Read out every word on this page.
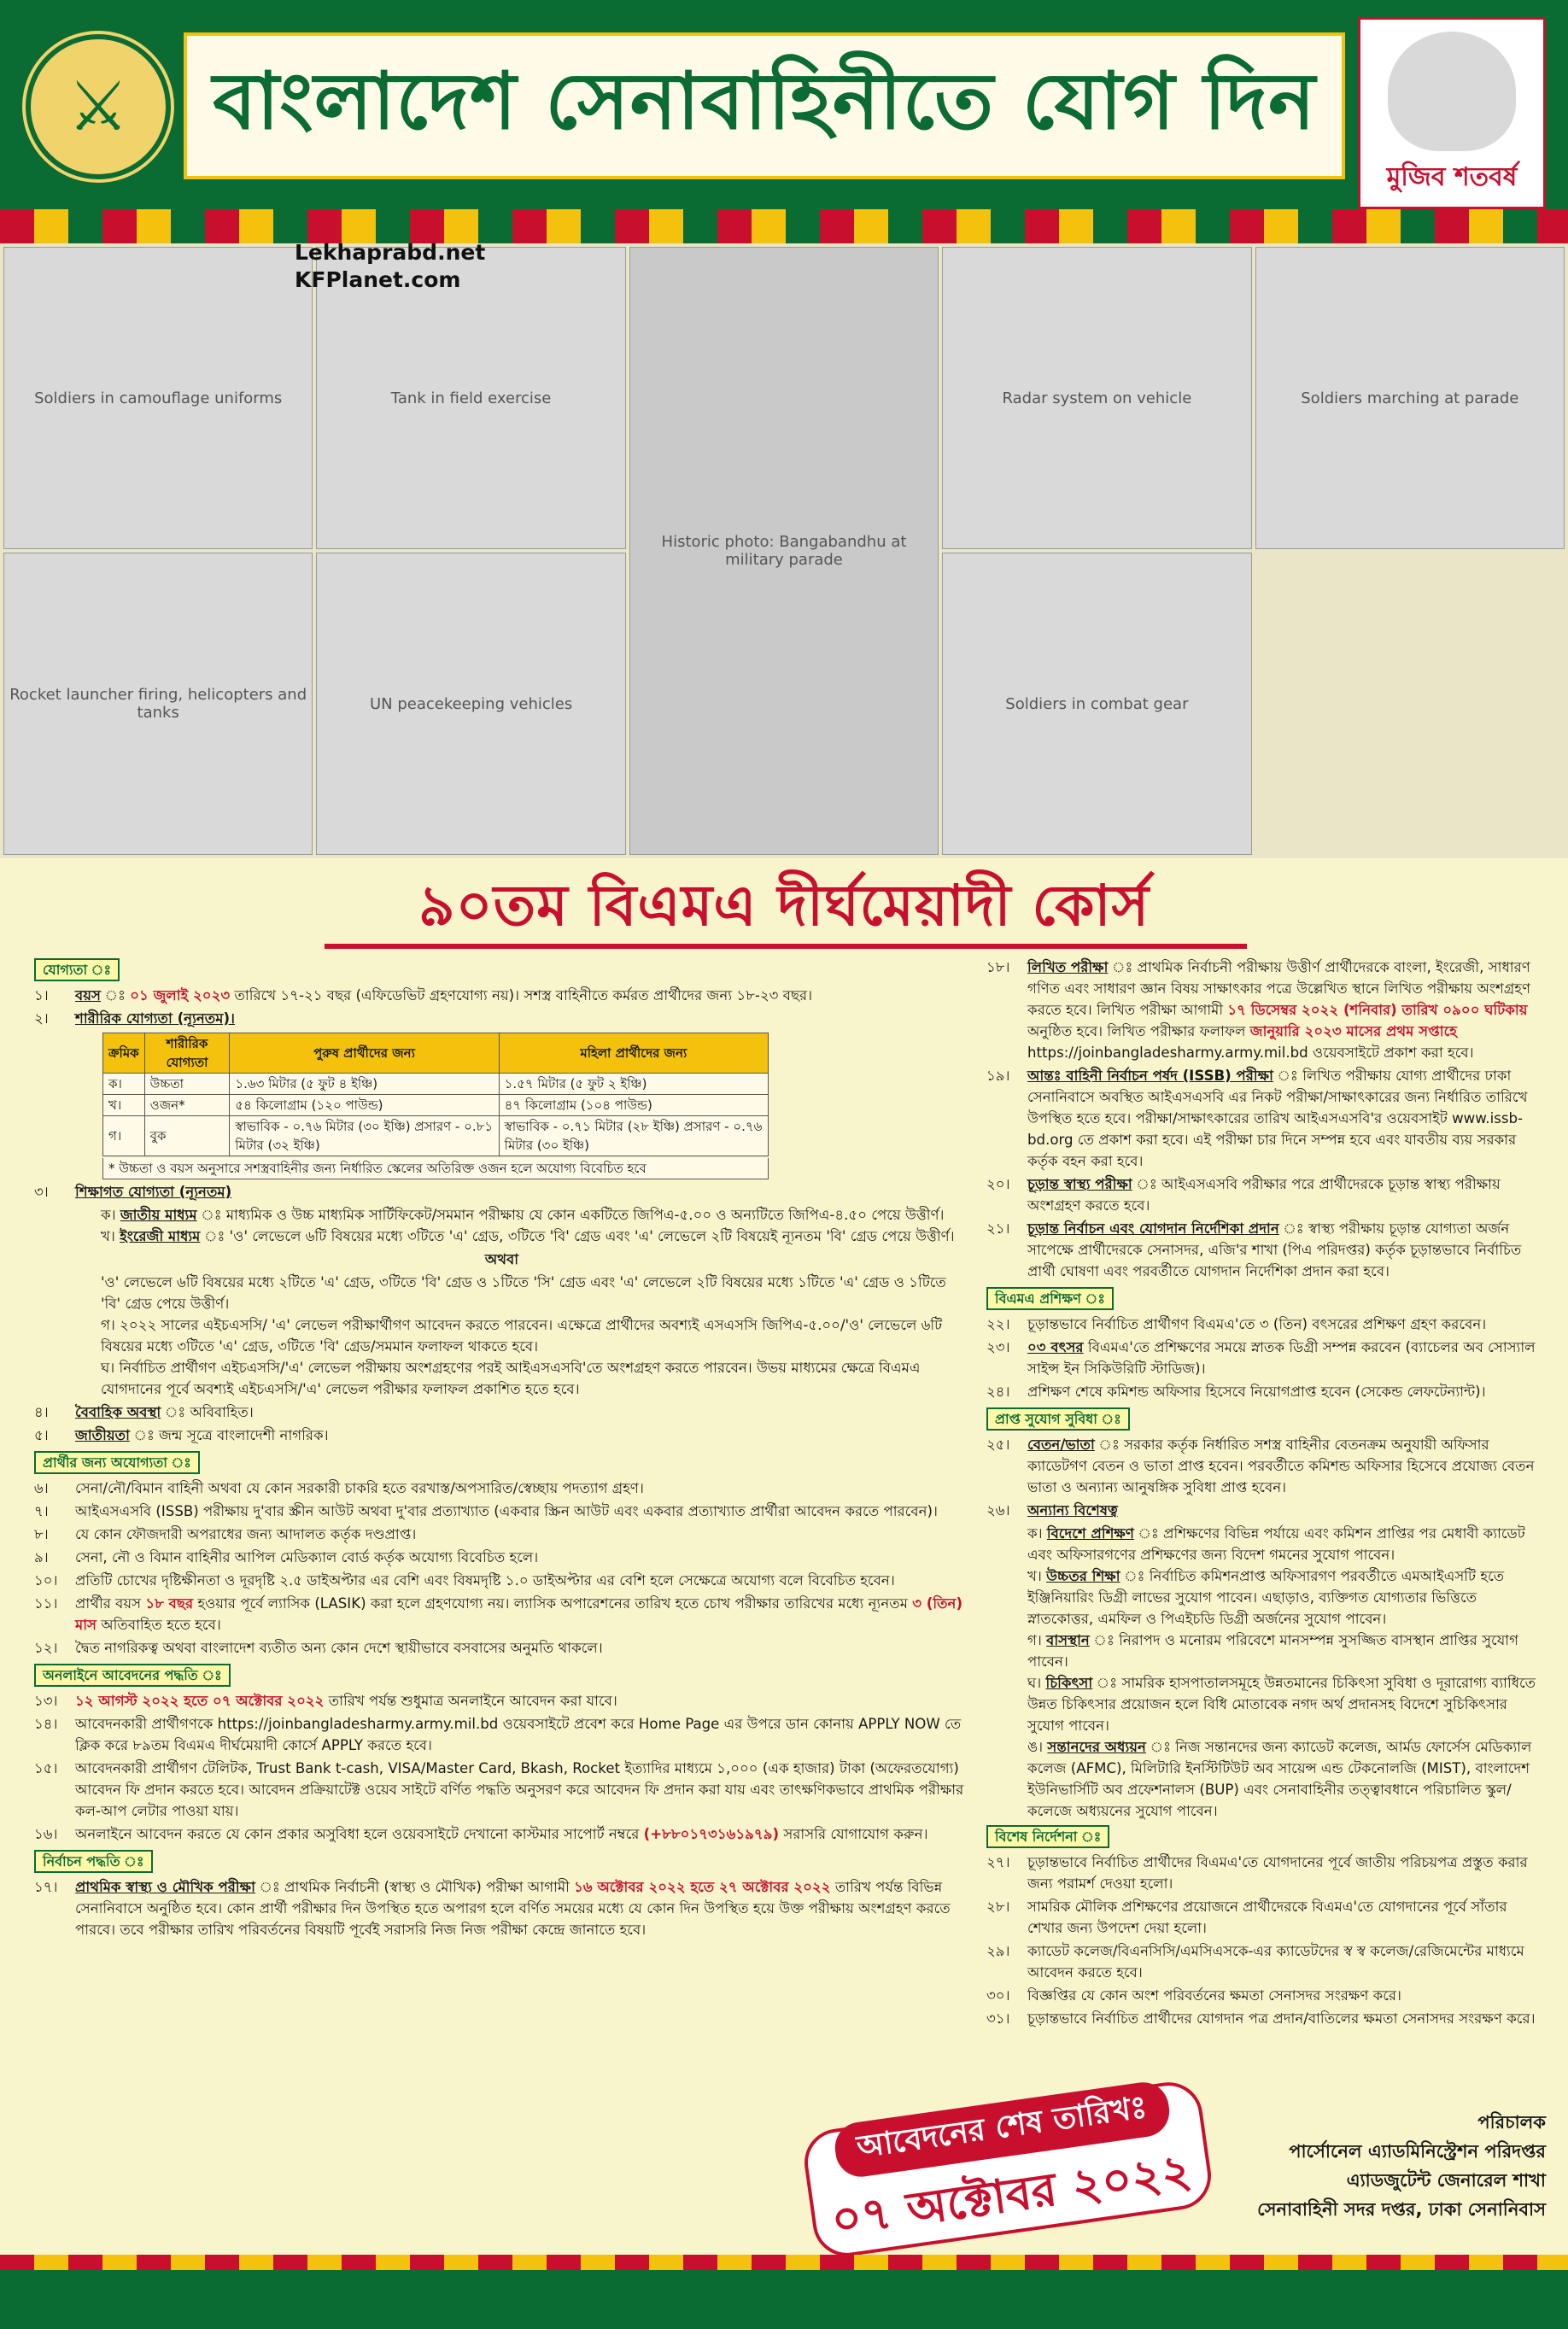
⚔ বাংলাদেশ সেনাবাহিনীতে যোগ দিন
মুজিব শতবর্ষ
Lekhaprabd.net
KFPlanet.com
Soldiers in camouflage uniforms	Tank in field exercise
Historic photo: Bangabandhu at military parade
Radar system on vehicle	Soldiers marching at parade
Rocket launcher firing, helicopters and tanks	UN peacekeeping vehicles	Soldiers in combat gear
৯০তম বিএমএ দীর্ঘমেয়াদী কোর্স
যোগ্যতা ঃ
১।	বয়স ঃ ০১ জুলাই ২০২৩ তারিখে ১৭-২১ বছর (এফিডেভিট গ্রহণযোগ্য নয়)। সশস্ত্র বাহিনীতে কর্মরত প্রার্থীদের জন্য ১৮-২৩ বছর।
২।	শারীরিক যোগ্যতা (ন্যূনতম)।
ক্রমিক	শারীরিক যোগ্যতা	পুরুষ প্রার্থীদের জন্য	মহিলা প্রার্থীদের জন্য
ক।	উচ্চতা	১.৬৩ মিটার (৫ ফুট ৪ ইঞ্চি)	১.৫৭ মিটার (৫ ফুট ২ ইঞ্চি)
খ।	ওজন*	৫৪ কিলোগ্রাম (১২০ পাউন্ড)	৪৭ কিলোগ্রাম (১০৪ পাউন্ড)
গ।	বুক	স্বাভাবিক - ০.৭৬ মিটার (৩০ ইঞ্চি) প্রসারণ - ০.৮১ মিটার (৩২ ইঞ্চি)	স্বাভাবিক - ০.৭১ মিটার (২৮ ইঞ্চি) প্রসারণ - ০.৭৬ মিটার (৩০ ইঞ্চি)
* উচ্চতা ও বয়স অনুসারে সশস্ত্রবাহিনীর জন্য নির্ধারিত স্কেলের অতিরিক্ত ওজন হলে অযোগ্য বিবেচিত হবে
৩।	শিক্ষাগত যোগ্যতা (ন্যূনতম)
ক। জাতীয় মাধ্যম ঃ মাধ্যমিক ও উচ্চ মাধ্যমিক সার্টিফিকেট/সমমান পরীক্ষায় যে কোন একটিতে জিপিএ-৫.০০ ও অন্যটিতে জিপিএ-৪.৫০ পেয়ে উত্তীর্ণ।
খ। ইংরেজী মাধ্যম ঃ 'ও' লেভেলে ৬টি বিষয়ের মধ্যে ৩টিতে 'এ' গ্রেড, ৩টিতে 'বি' গ্রেড এবং 'এ' লেভেলে ২টি বিষয়েই ন্যূনতম 'বি' গ্রেড পেয়ে উত্তীর্ণ।
অথবা
'ও' লেভেলে ৬টি বিষয়ের মধ্যে ২টিতে 'এ' গ্রেড, ৩টিতে 'বি' গ্রেড ও ১টিতে 'সি' গ্রেড এবং 'এ' লেভেলে ২টি বিষয়ের মধ্যে ১টিতে 'এ' গ্রেড ও ১টিতে 'বি' গ্রেড পেয়ে উত্তীর্ণ।
গ। ২০২২ সালের এইচএসসি/ 'এ' লেভেল পরীক্ষার্থীগণ আবেদন করতে পারবেন। এক্ষেত্রে প্রার্থীদের অবশ্যই এসএসসি জিপিএ-৫.০০/'ও' লেভেলে ৬টি বিষয়ের মধ্যে ৩টিতে 'এ' গ্রেড, ৩টিতে 'বি' গ্রেড/সমমান ফলাফল থাকতে হবে।
ঘ। নির্বাচিত প্রার্থীগণ এইচএসসি/'এ' লেভেল পরীক্ষায় অংশগ্রহণের পরই আইএসএসবি'তে অংশগ্রহণ করতে পারবেন। উভয় মাধ্যমের ক্ষেত্রে বিএমএ যোগদানের পূর্বে অবশ্যই এইচএসসি/'এ' লেভেল পরীক্ষার ফলাফল প্রকাশিত হতে হবে।
৪।	বৈবাহিক অবস্থা ঃ অবিবাহিত।
৫।	জাতীয়তা ঃ জন্ম সূত্রে বাংলাদেশী নাগরিক।
প্রার্থীর জন্য অযোগ্যতা ঃ
৬।	সেনা/নৌ/বিমান বাহিনী অথবা যে কোন সরকারী চাকরি হতে বরখাস্ত/অপসারিত/স্বেচ্ছায় পদত্যাগ গ্রহণ।
৭।	আইএসএসবি (ISSB) পরীক্ষায় দু'বার স্ক্রীন আউট অথবা দু'বার প্রত্যাখ্যাত (একবার স্ক্রিন আউট এবং একবার প্রত্যাখ্যাত প্রার্থীরা আবেদন করতে পারবেন)।
৮।	যে কোন ফৌজদারী অপরাধের জন্য আদালত কর্তৃক দণ্ডপ্রাপ্ত।
৯।	সেনা, নৌ ও বিমান বাহিনীর আপিল মেডিক্যাল বোর্ড কর্তৃক অযোগ্য বিবেচিত হলে।
১০।	প্রতিটি চোখের দৃষ্টিক্ষীনতা ও দূরদৃষ্টি ২.৫ ডাইঅপ্টার এর বেশি এবং বিষমদৃষ্টি ১.০ ডাইঅপ্টার এর বেশি হলে সেক্ষেত্রে অযোগ্য বলে বিবেচিত হবেন।
১১।	প্রার্থীর বয়স ১৮ বছর হওয়ার পূর্বে ল্যাসিক (LASIK) করা হলে গ্রহণযোগ্য নয়। ল্যাসিক অপারেশনের তারিখ হতে চোখ পরীক্ষার তারিখের মধ্যে ন্যূনতম ৩ (তিন) মাস অতিবাহিত হতে হবে।
১২।	দ্বৈত নাগরিকত্ব অথবা বাংলাদেশ ব্যতীত অন্য কোন দেশে স্থায়ীভাবে বসবাসের অনুমতি থাকলে।
অনলাইনে আবেদনের পদ্ধতি ঃ
১৩।	১২ আগস্ট ২০২২ হতে ০৭ অক্টোবর ২০২২ তারিখ পর্যন্ত শুধুমাত্র অনলাইনে আবেদন করা যাবে।
১৪।	আবেদনকারী প্রার্থীগণকে https://joinbangladesharmy.army.mil.bd ওয়েবসাইটে প্রবেশ করে Home Page এর উপরে ডান কোনায় APPLY NOW তে ক্লিক করে ৮৯তম বিএমএ দীর্ঘমেয়াদী কোর্সে APPLY করতে হবে।
১৫।	আবেদনকারী প্রার্থীগণ টেলিটক, Trust Bank t-cash, VISA/Master Card, Bkash, Rocket ইত্যাদির মাধ্যমে ১,০০০ (এক হাজার) টাকা (অফেরতযোগ্য) আবেদন ফি প্রদান করতে হবে। আবেদন প্রক্রিয়াটেক্ট ওয়েব সাইটে বর্ণিত পদ্ধতি অনুসরণ করে আবেদন ফি প্রদান করা যায় এবং তাৎক্ষণিকভাবে প্রাথমিক পরীক্ষার কল-আপ লেটার পাওয়া যায়।
১৬।	অনলাইনে আবেদন করতে যে কোন প্রকার অসুবিধা হলে ওয়েবসাইটে দেখানো কাস্টমার সাপোর্ট নম্বরে (+৮৮০১৭৩১৬১৯৭৯) সরাসরি যোগাযোগ করুন।
নির্বাচন পদ্ধতি ঃ
১৭।	প্রাথমিক স্বাস্থ্য ও মৌখিক পরীক্ষা ঃ প্রাথমিক নির্বাচনী (স্বাস্থ্য ও মৌখিক) পরীক্ষা আগামী ১৬ অক্টোবর ২০২২ হতে ২৭ অক্টোবর ২০২২ তারিখ পর্যন্ত বিভিন্ন সেনানিবাসে অনুষ্ঠিত হবে। কোন প্রার্থী পরীক্ষার দিন উপস্থিত হতে অপারগ হলে বর্ণিত সময়ের মধ্যে যে কোন দিন উপস্থিত হয়ে উক্ত পরীক্ষায় অংশগ্রহণ করতে পারবে। তবে পরীক্ষার তারিখ পরিবর্তনের বিষয়টি পূর্বেই সরাসরি নিজ নিজ পরীক্ষা কেন্দ্রে জানাতে হবে।
১৮।	লিখিত পরীক্ষা ঃ প্রাথমিক নির্বাচনী পরীক্ষায় উত্তীর্ণ প্রার্থীদেরকে বাংলা, ইংরেজী, সাধারণ গণিত এবং সাধারণ জ্ঞান বিষয় সাক্ষাৎকার পত্রে উল্লেখিত স্থানে লিখিত পরীক্ষায় অংশগ্রহণ করতে হবে। লিখিত পরীক্ষা আগামী ১৭ ডিসেম্বর ২০২২ (শনিবার) তারিখ ০৯০০ ঘটিকায় অনুষ্ঠিত হবে। লিখিত পরীক্ষার ফলাফল জানুয়ারি ২০২৩ মাসের প্রথম সপ্তাহে https://joinbangladesharmy.army.mil.bd ওয়েবসাইটে প্রকাশ করা হবে।
১৯।	আন্তঃ বাহিনী নির্বাচন পর্ষদ (ISSB) পরীক্ষা ঃ লিখিত পরীক্ষায় যোগ্য প্রার্থীদের ঢাকা সেনানিবাসে অবস্থিত আইএসএসবি এর নিকট পরীক্ষা/সাক্ষাৎকারের জন্য নির্ধারিত তারিখে উপস্থিত হতে হবে। পরীক্ষা/সাক্ষাৎকারের তারিখ আইএসএসবি'র ওয়েবসাইট www.issb-bd.org তে প্রকাশ করা হবে। এই পরীক্ষা চার দিনে সম্পন্ন হবে এবং যাবতীয় ব্যয় সরকার কর্তৃক বহন করা হবে।
২০।	চূড়ান্ত স্বাস্থ্য পরীক্ষা ঃ আইএসএসবি পরীক্ষার পরে প্রার্থীদেরকে চূড়ান্ত স্বাস্থ্য পরীক্ষায় অংশগ্রহণ করতে হবে।
২১।	চূড়ান্ত নির্বাচন এবং যোগদান নির্দেশিকা প্রদান ঃ স্বাস্থ্য পরীক্ষায় চূড়ান্ত যোগ্যতা অর্জন সাপেক্ষে প্রার্থীদেরকে সেনাসদর, এজি'র শাখা (পিএ পরিদপ্তর) কর্তৃক চূড়ান্তভাবে নির্বাচিত প্রার্থী ঘোষণা এবং পরবর্তীতে যোগদান নির্দেশিকা প্রদান করা হবে।
বিএমএ প্রশিক্ষণ ঃ
২২।	চূড়ান্তভাবে নির্বাচিত প্রার্থীগণ বিএমএ'তে ৩ (তিন) বৎসরের প্রশিক্ষণ গ্রহণ করবেন।
২৩।	০৩ বৎসর বিএমএ'তে প্রশিক্ষণের সময়ে স্নাতক ডিগ্রী সম্পন্ন করবেন (ব্যাচেলর অব সোস্যাল সাইন্স ইন সিকিউরিটি স্টাডিজ)।
২৪।	প্রশিক্ষণ শেষে কমিশন্ড অফিসার হিসেবে নিয়োগপ্রাপ্ত হবেন (সেকেন্ড লেফটেন্যান্ট)।
প্রাপ্ত সুযোগ সুবিধা ঃ
২৫।	বেতন/ভাতা ঃ সরকার কর্তৃক নির্ধারিত সশস্ত্র বাহিনীর বেতনক্রম অনুযায়ী অফিসার ক্যাডেটগণ বেতন ও ভাতা প্রাপ্ত হবেন। পরবর্তীতে কমিশন্ড অফিসার হিসেবে প্রযোজ্য বেতন ভাতা ও অন্যান্য আনুষঙ্গিক সুবিধা প্রাপ্ত হবেন।
২৬।	অন্যান্য বিশেষত্ব
ক। বিদেশে প্রশিক্ষণ ঃ প্রশিক্ষণের বিভিন্ন পর্যায়ে এবং কমিশন প্রাপ্তির পর মেধাবী ক্যাডেট এবং অফিসারগণের প্রশিক্ষণের জন্য বিদেশ গমনের সুযোগ পাবেন।
খ। উচ্চতর শিক্ষা ঃ নির্বাচিত কমিশনপ্রাপ্ত অফিসারগণ পরবর্তীতে এমআইএসটি হতে ইঞ্জিনিয়ারিং ডিগ্রী লাভের সুযোগ পাবেন। এছাড়াও, ব্যক্তিগত যোগ্যতার ভিত্তিতে স্নাতকোত্তর, এমফিল ও পিএইচডি ডিগ্রী অর্জনের সুযোগ পাবেন।
গ। বাসস্থান ঃ নিরাপদ ও মনোরম পরিবেশে মানসম্পন্ন সুসজ্জিত বাসস্থান প্রাপ্তির সুযোগ পাবেন।
ঘ। চিকিৎসা ঃ সামরিক হাসপাতালসমূহে উন্নতমানের চিকিৎসা সুবিধা ও দূরারোগ্য ব্যাধিতে উন্নত চিকিৎসার প্রয়োজন হলে বিধি মোতাবেক নগদ অর্থ প্রদানসহ বিদেশে সুচিকিৎসার সুযোগ পাবেন।
ঙ। সন্তানদের অধ্যয়ন ঃ নিজ সন্তানদের জন্য ক্যাডেট কলেজ, আর্মড ফোর্সেস মেডিক্যাল কলেজ (AFMC), মিলিটারি ইনস্টিটিউট অব সায়েন্স এন্ড টেকনোলজি (MIST), বাংলাদেশ ইউনিভার্সিটি অব প্রফেশনালস (BUP) এবং সেনাবাহিনীর তত্ত্বাবধানে পরিচালিত স্কুল/কলেজে অধ্যয়নের সুযোগ পাবেন।
বিশেষ নির্দেশনা ঃ
২৭।	চূড়ান্তভাবে নির্বাচিত প্রার্থীদের বিএমএ'তে যোগদানের পূর্বে জাতীয় পরিচয়পত্র প্রস্তুত করার জন্য পরামর্শ দেওয়া হলো।
২৮।	সামরিক মৌলিক প্রশিক্ষণের প্রয়োজনে প্রার্থীদেরকে বিএমএ'তে যোগদানের পূর্বে সাঁতার শেখার জন্য উপদেশ দেয়া হলো।
২৯।	ক্যাডেট কলেজ/বিএনসিসি/এমসিএসকে-এর ক্যাডেটদের স্ব স্ব কলেজ/রেজিমেন্টের মাধ্যমে আবেদন করতে হবে।
৩০।	বিজ্ঞপ্তির যে কোন অংশ পরিবর্তনের ক্ষমতা সেনাসদর সংরক্ষণ করে।
৩১।	চূড়ান্তভাবে নির্বাচিত প্রার্থীদের যোগদান পত্র প্রদান/বাতিলের ক্ষমতা সেনাসদর সংরক্ষণ করে।
আবেদনের শেষ তারিখঃ
০৭ অক্টোবর ২০২২
পরিচালক
পার্সোনেল এ্যাডমিনিস্ট্রেশন পরিদপ্তর
এ্যাডজুটেন্ট জেনারেল শাখা
সেনাবাহিনী সদর দপ্তর, ঢাকা সেনানিবাস
